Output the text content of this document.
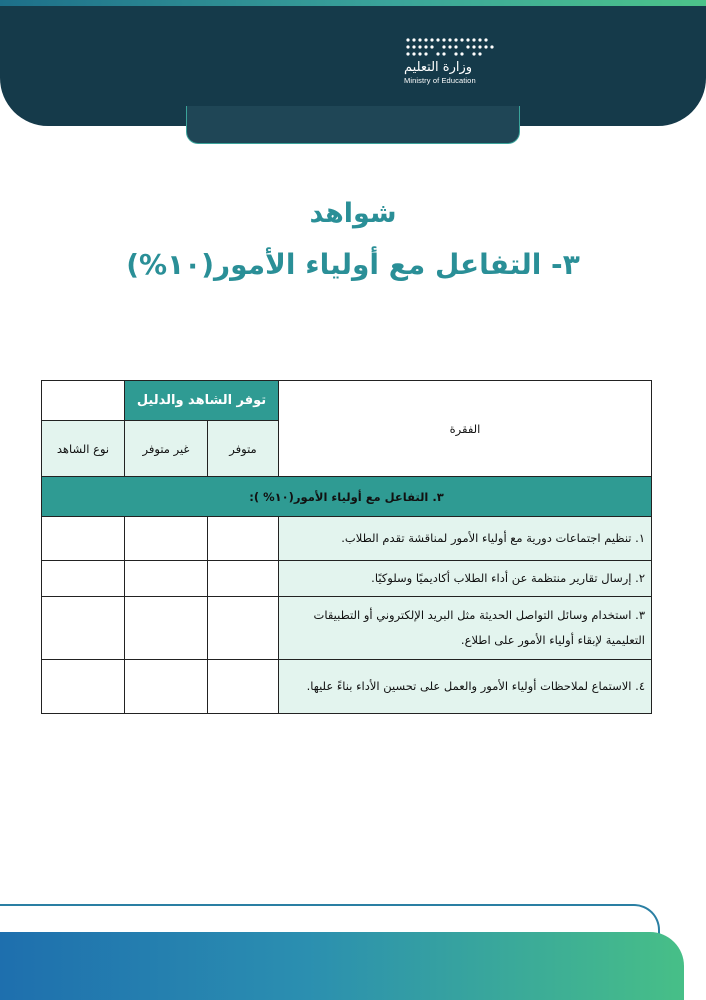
وزارة التعليم
Ministry of Education
شواهد
٣- التفاعل مع أولياء الأمور(١٠%)
	توفر الشاهد والدليل		الفقرة
نوع الشاهد	غير متوفر	متوفر	
٣. التفاعل مع أولياء الأمور(١٠% ):			
			١. تنظيم اجتماعات دورية مع أولياء الأمور لمناقشة تقدم الطلاب.
			٢. إرسال تقارير منتظمة عن أداء الطلاب أكاديميًا وسلوكيًا.
			٣. استخدام وسائل التواصل الحديثة مثل البريد الإلكتروني أو التطبيقات التعليمية لإبقاء أولياء الأمور على اطلاع.
			٤. الاستماع لملاحظات أولياء الأمور والعمل على تحسين الأداء بناءً عليها.
